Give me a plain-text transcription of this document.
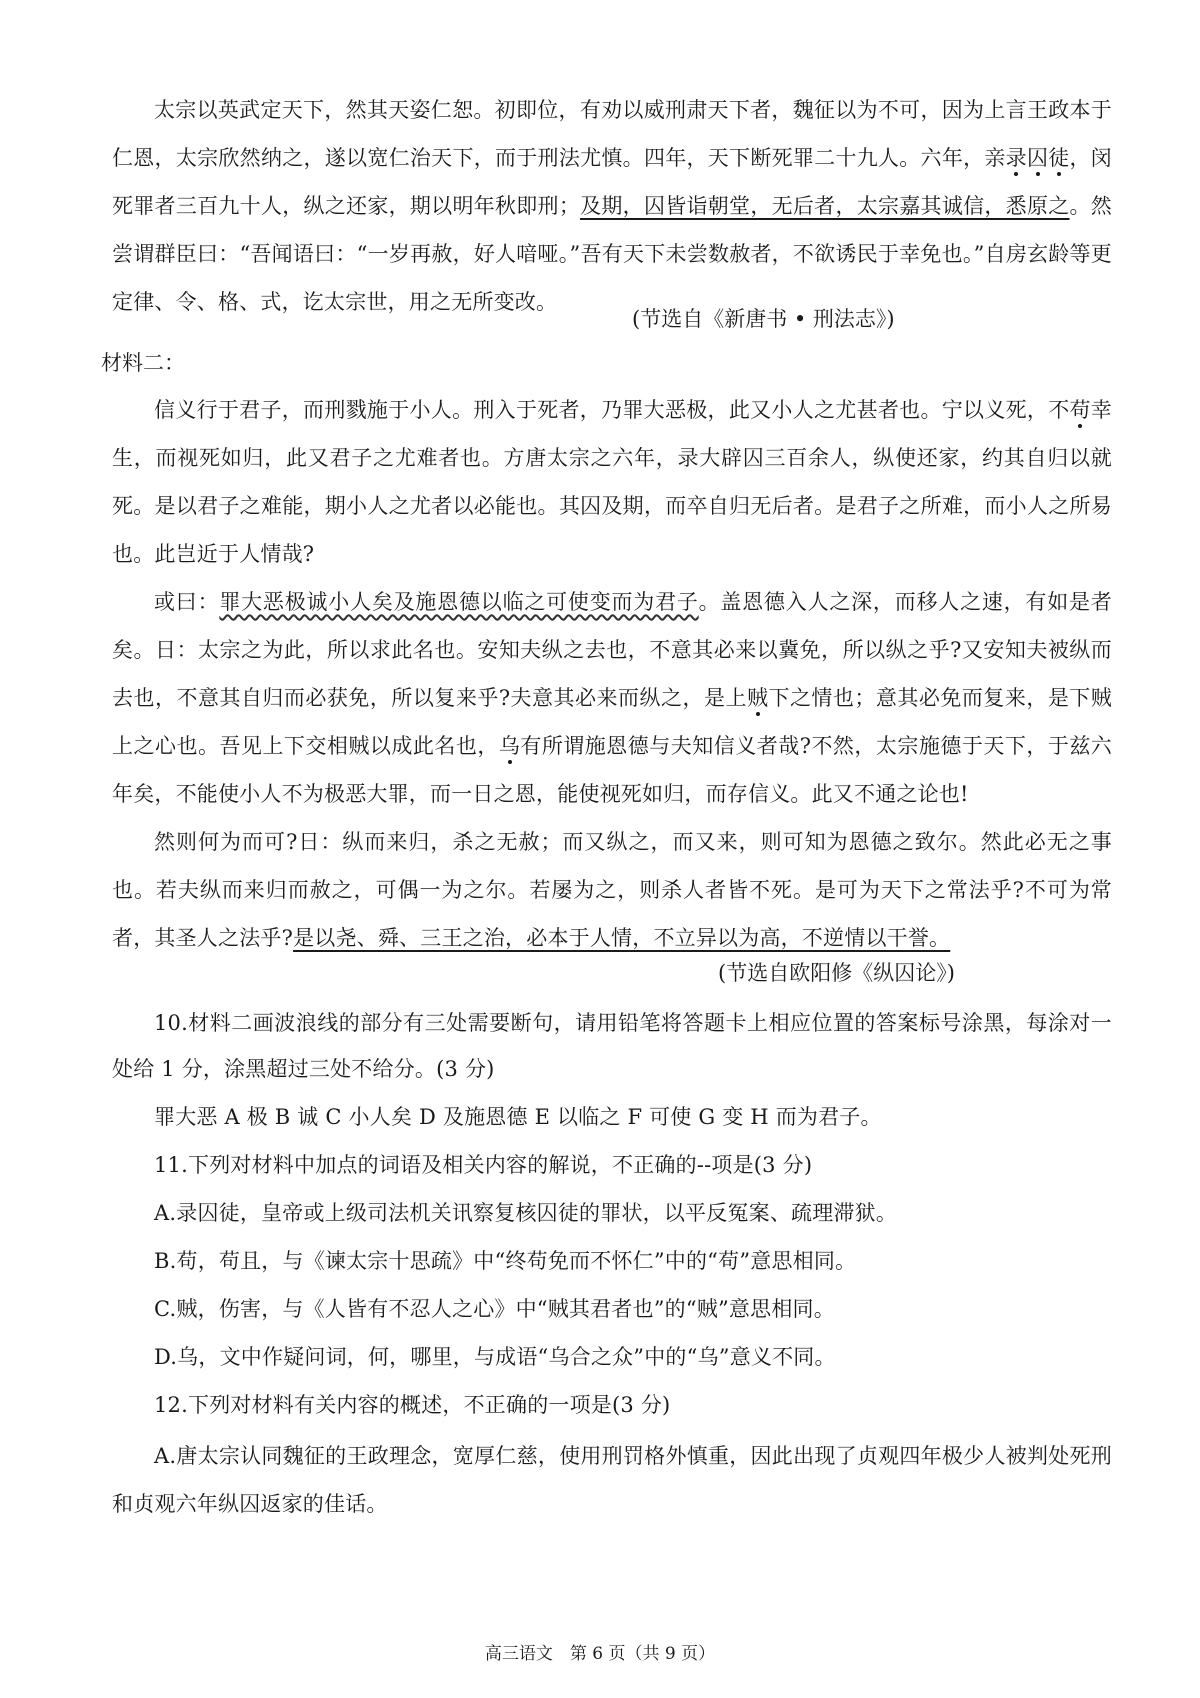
太宗以英武定天下，然其天姿仁恕。初即位，有劝以威刑肃天下者，魏征以为不可，因为上言王政本于仁恩，太宗欣然纳之，遂以宽仁治天下，而于刑法尤慎。四年，天下断死罪二十九人。六年，亲录囚徒，闵死罪者三百九十人，纵之还家，期以明年秋即刑；及期，囚皆诣朝堂，无后者，太宗嘉其诚信，悉原之。然尝谓群臣曰：“吾闻语曰：“一岁再赦，好人喑哑。”吾有天下未尝数赦者，不欲诱民于幸免也。”自房玄龄等更定律、令、格、式，讫太宗世，用之无所变改。

(节选自《新唐书 • 刑法志》)
材料二：

信义行于君子，而刑戮施于小人。刑入于死者，乃罪大恶极，此又小人之尤甚者也。宁以义死，不苟幸生，而视死如归，此又君子之尤难者也。方唐太宗之六年，录大辟囚三百余人，纵使还家，约其自归以就死。是以君子之难能，期小人之尤者以必能也。其囚及期，而卒自归无后者。是君子之所难，而小人之所易也。此岂近于人情哉?

或曰：罪大恶极诚小人矣及施恩德以临之可使变而为君子。盖恩德入人之深，而移人之速，有如是者矣。日：太宗之为此，所以求此名也。安知夫纵之去也，不意其必来以冀免，所以纵之乎?又安知夫被纵而去也，不意其自归而必获免，所以复来乎?夫意其必来而纵之，是上贼下之情也；意其必免而复来，是下贼上之心也。吾见上下交相贼以成此名也，乌有所谓施恩德与夫知信义者哉?不然，太宗施德于天下，于兹六年矣，不能使小人不为极恶大罪，而一日之恩，能使视死如归，而存信义。此又不通之论也!

然则何为而可?日：纵而来归，杀之无赦；而又纵之，而又来，则可知为恩德之致尔。然此必无之事也。若夫纵而来归而赦之，可偶一为之尔。若屡为之，则杀人者皆不死。是可为天下之常法乎?不可为常者，其圣人之法乎?是以尧、舜、三王之治，必本于人情，不立异以为高，不逆情以干誉。

(节选自欧阳修《纵囚论》)

10.材料二画波浪线的部分有三处需要断句，请用铅笔将答题卡上相应位置的答案标号涂黑，每涂对一处给 1 分，涂黑超过三处不给分。(3 分)

罪大恶 A 极 B 诚 C 小人矣 D 及施恩德 E 以临之 F 可使 G 变 H 而为君子。

11.下列对材料中加点的词语及相关内容的解说，不正确的--项是(3 分)

A.录囚徒，皇帝或上级司法机关讯察复核囚徒的罪状，以平反冤案、疏理滞狱。

B.苟，苟且，与《谏太宗十思疏》中“终苟免而不怀仁”中的“苟”意思相同。

C.贼，伤害，与《人皆有不忍人之心》中“贼其君者也”的“贼”意思相同。

D.乌，文中作疑问词，何，哪里，与成语“乌合之众”中的“乌”意义不同。

12.下列对材料有关内容的概述，不正确的一项是(3 分)

A.唐太宗认同魏征的王政理念，宽厚仁慈，使用刑罚格外慎重，因此出现了贞观四年极少人被判处死刑和贞观六年纵囚返家的佳话。

高三语文　第 6 页（共 9 页）
